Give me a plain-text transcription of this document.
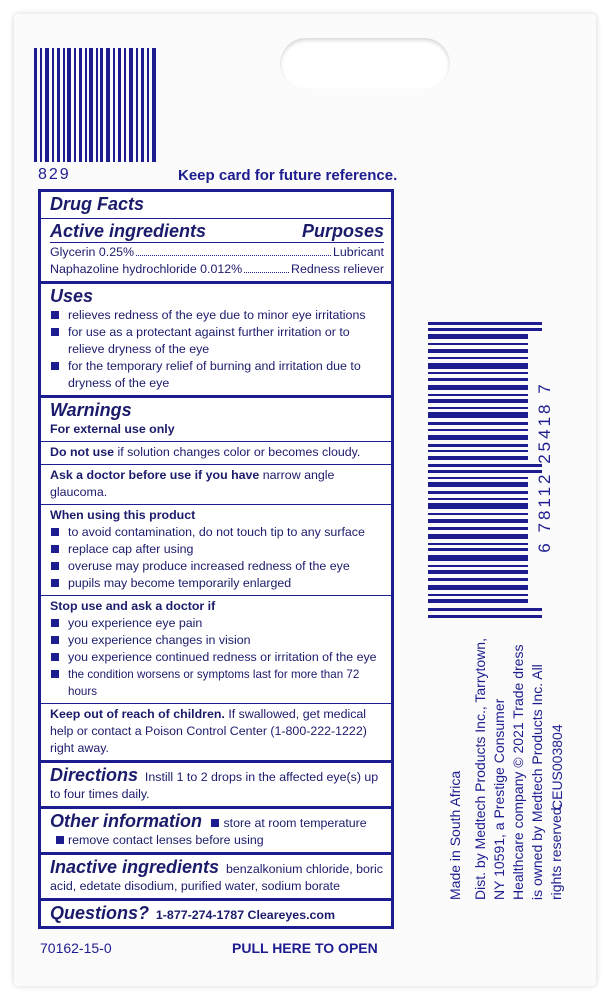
829	Keep card for future reference.
Drug Facts
Active ingredients	Purposes
Glycerin 0.25%	Lubricant
Naphazoline hydrochloride 0.012%	Redness reliever
Uses
relieves redness of the eye due to minor eye irritations
for use as a protectant against further irritation or to relieve dryness of the eye
for the temporary relief of burning and irritation due to dryness of the eye
Warnings
For external use only
Do not use if solution changes color or becomes cloudy.
Ask a doctor before use if you have narrow angle glaucoma.
When using this product
to avoid contamination, do not touch tip to any surface
replace cap after using
overuse may produce increased redness of the eye
pupils may become temporarily enlarged
Stop use and ask a doctor if
you experience eye pain
you experience changes in vision
you experience continued redness or irritation of the eye
the condition worsens or symptoms last for more than 72 hours
Keep out of reach of children. If swallowed, get medical help or contact a Poison Control Center (1-800-222-1222) right away.
Directions Instill 1 to 2 drops in the affected eye(s) up to four times daily.
Other information store at room temperature remove contact lenses before using
Inactive ingredients benzalkonium chloride, boric acid, edetate disodium, purified water, sodium borate
Questions? 1-877-274-1787 Cleareyes.com
70162-15-0	PULL HERE TO OPEN
6 78112 25418 7
Made in South Africa Dist. by Medtech Products Inc., Tarrytown, NY 10591, a Prestige Consumer Healthcare company © 2021 Trade dress is owned by Medtech Products Inc. All rights reserved.
CEUS003804
